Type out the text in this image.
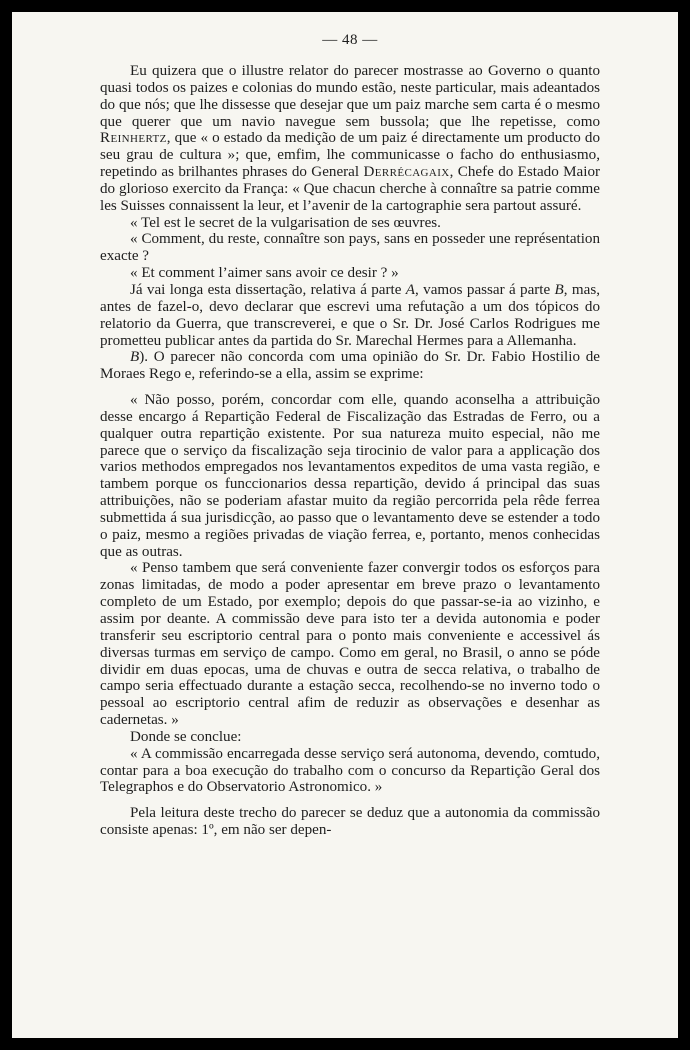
— 48 —

Eu quizera que o illustre relator do parecer mostrasse ao Governo o quanto quasi todos os paizes e colonias do mundo estão, neste particular, mais adeantados do que nós; que lhe dissesse que desejar que um paiz marche sem carta é o mesmo que querer que um navio navegue sem bussola; que lhe repetisse, como Reinhertz, que « o estado da medição de um paiz é directamente um producto do seu grau de cultura »; que, emfim, lhe communicasse o facho do enthusiasmo, repetindo as brilhantes phrases do General Derrécagaix, Chefe do Estado Maior do glorioso exercito da França: « Que chacun cherche à connaître sa patrie comme les Suisses connaissent la leur, et l’avenir de la cartographie sera partout assuré.

« Tel est le secret de la vulgarisation de ses œuvres.

« Comment, du reste, connaître son pays, sans en posseder une représentation exacte ?

« Et comment l’aimer sans avoir ce desir ? »

Já vai longa esta dissertação, relativa á parte A, vamos passar á parte B, mas, antes de fazel-o, devo declarar que escrevi uma refutação a um dos tópicos do relatorio da Guerra, que transcreverei, e que o Sr. Dr. José Carlos Rodrigues me prometteu publicar antes da partida do Sr. Marechal Hermes para a Allemanha.

B). O parecer não concorda com uma opinião do Sr. Dr. Fabio Hostilio de Moraes Rego e, referindo-se a ella, assim se exprime:

« Não posso, porém, concordar com elle, quando aconselha a attribuição desse encargo á Repartição Federal de Fiscalização das Estradas de Ferro, ou a qualquer outra repartição existente. Por sua natureza muito especial, não me parece que o serviço da fiscalização seja tirocinio de valor para a applicação dos varios methodos empregados nos levantamentos expeditos de uma vasta região, e tambem porque os funccionarios dessa repartição, devido á principal das suas attribuições, não se poderiam afastar muito da região percorrida pela rêde ferrea submettida á sua jurisdicção, ao passo que o levantamento deve se estender a todo o paiz, mesmo a regiões privadas de viação ferrea, e, portanto, menos conhecidas que as outras.

« Penso tambem que será conveniente fazer convergir todos os esforços para zonas limitadas, de modo a poder apresentar em breve prazo o levantamento completo de um Estado, por exemplo; depois do que passar-se-ia ao vizinho, e assim por deante. A commissão deve para isto ter a devida autonomia e poder transferir seu escriptorio central para o ponto mais conveniente e accessivel ás diversas turmas em serviço de campo. Como em geral, no Brasil, o anno se póde dividir em duas epocas, uma de chuvas e outra de secca relativa, o trabalho de campo seria effectuado durante a estação secca, recolhendo-se no inverno todo o pessoal ao escriptorio central afim de reduzir as observações e desenhar as cadernetas. »

Donde se conclue:

« A commissão encarregada desse serviço será autonoma, devendo, comtudo, contar para a boa execução do trabalho com o concurso da Repartição Geral dos Telegraphos e do Observatorio Astronomico. »

Pela leitura deste trecho do parecer se deduz que a autonomia da commissão consiste apenas: 1º, em não ser depen-
